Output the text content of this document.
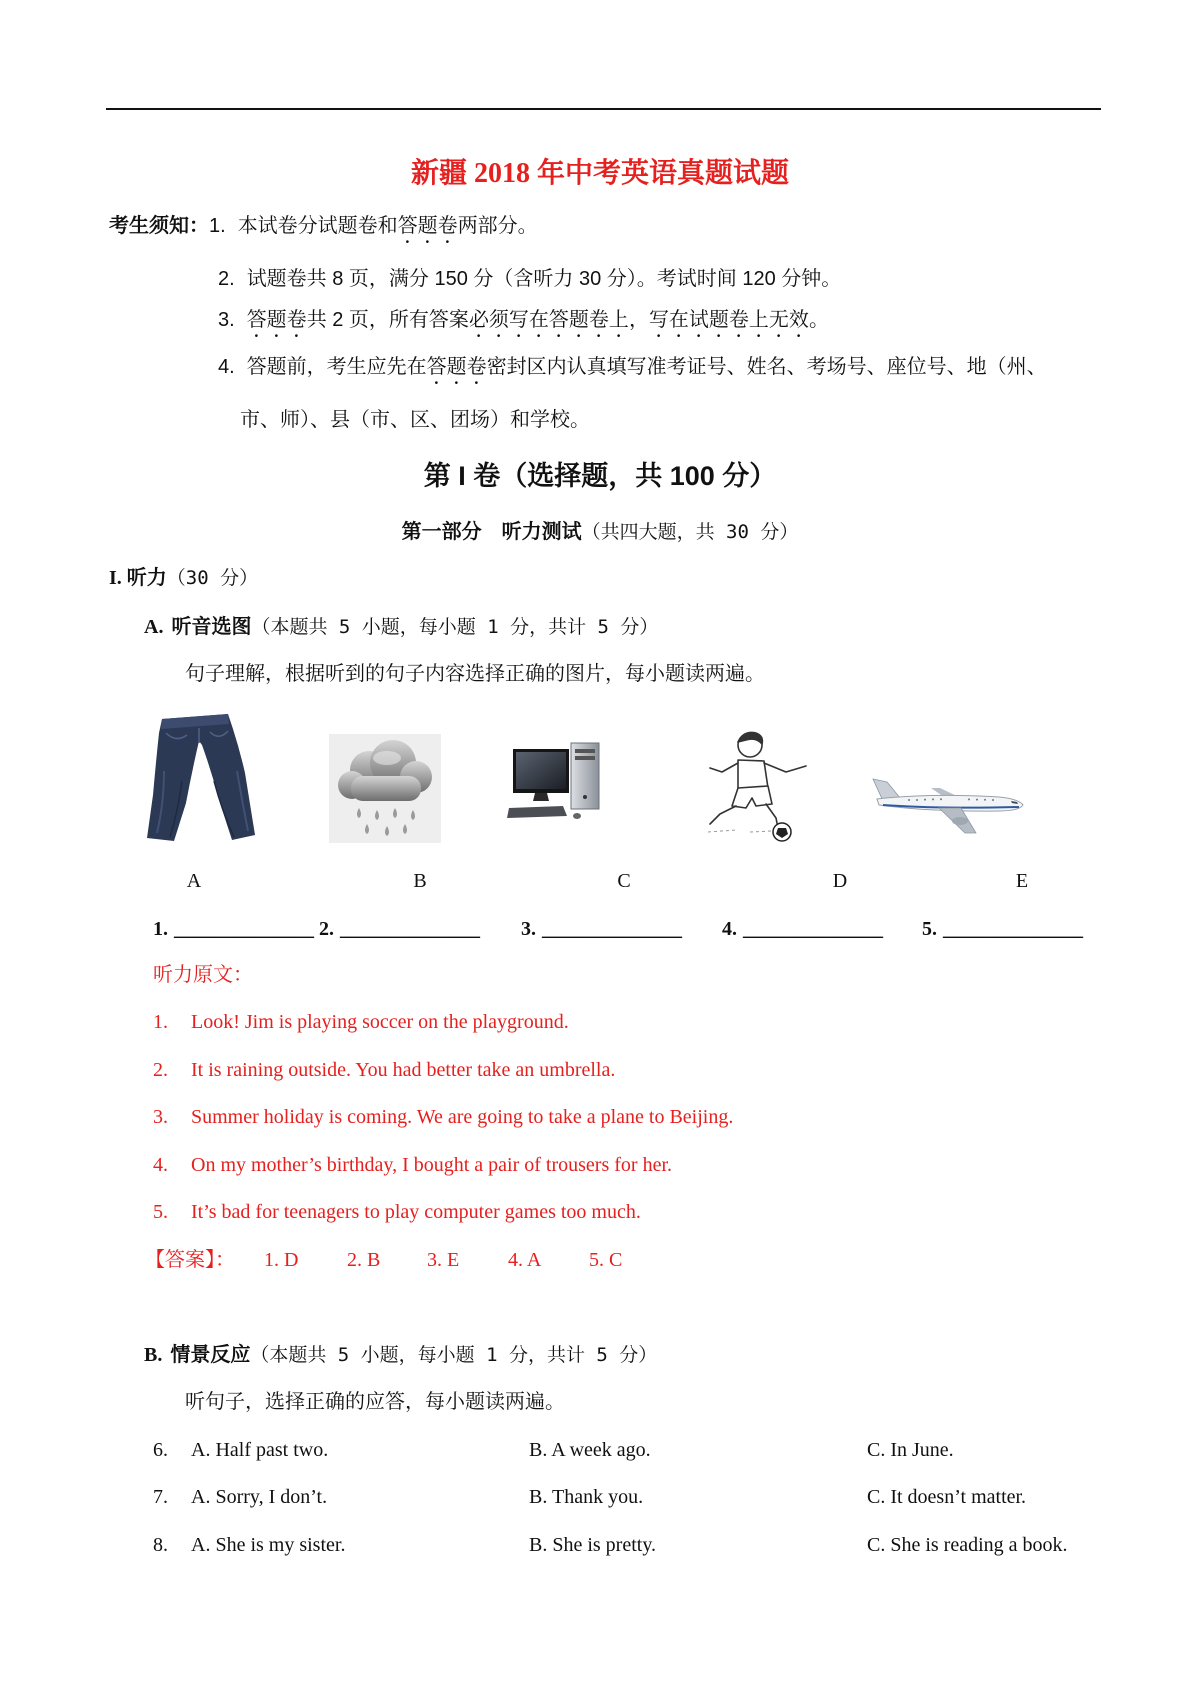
新疆 2018 年中考英语真题试题
考生须知：1. 本试卷分试题卷和答题卷两部分。
2. 试题卷共 8 页，满分 150 分（含听力 30 分）。考试时间 120 分钟。
3. 答题卷共 2 页，所有答案必须写在答题卷上，写在试题卷上无效。
4. 答题前，考生应先在答题卷密封区内认真填写准考证号、姓名、考场号、座位号、地（州、
市、师）、县（市、区、团场）和学校。
第 I 卷（选择题，共 100 分）
第一部分　听力测试（共四大题，共 30 分）
I. 听力（30 分）
A. 听音选图（本题共 5 小题，每小题 1 分，共计 5 分）
句子理解，根据听到的句子内容选择正确的图片，每小题读两遍。
A	B	C	D	E
1. ______________ 2. ______________ 3. ______________ 4. ______________ 5. ______________
听力原文：
1. Look! Jim is playing soccer on the playground.
2. It is raining outside. You had better take an umbrella.
3. Summer holiday is coming. We are going to take a plane to Beijing.
4. On my mother’s birthday, I bought a pair of trousers for her.
5. It’s bad for teenagers to play computer games too much.
【答案】： 1. D 2. B 3. E 4. A 5. C
B. 情景反应（本题共 5 小题，每小题 1 分，共计 5 分）
听句子，选择正确的应答，每小题读两遍。
6. A. Half past two.	B. A week ago.	C. In June.
7. A. Sorry, I don’t.	B. Thank you.	C. It doesn’t matter.
8. A. She is my sister.	B. She is pretty.	C. She is reading a book.
